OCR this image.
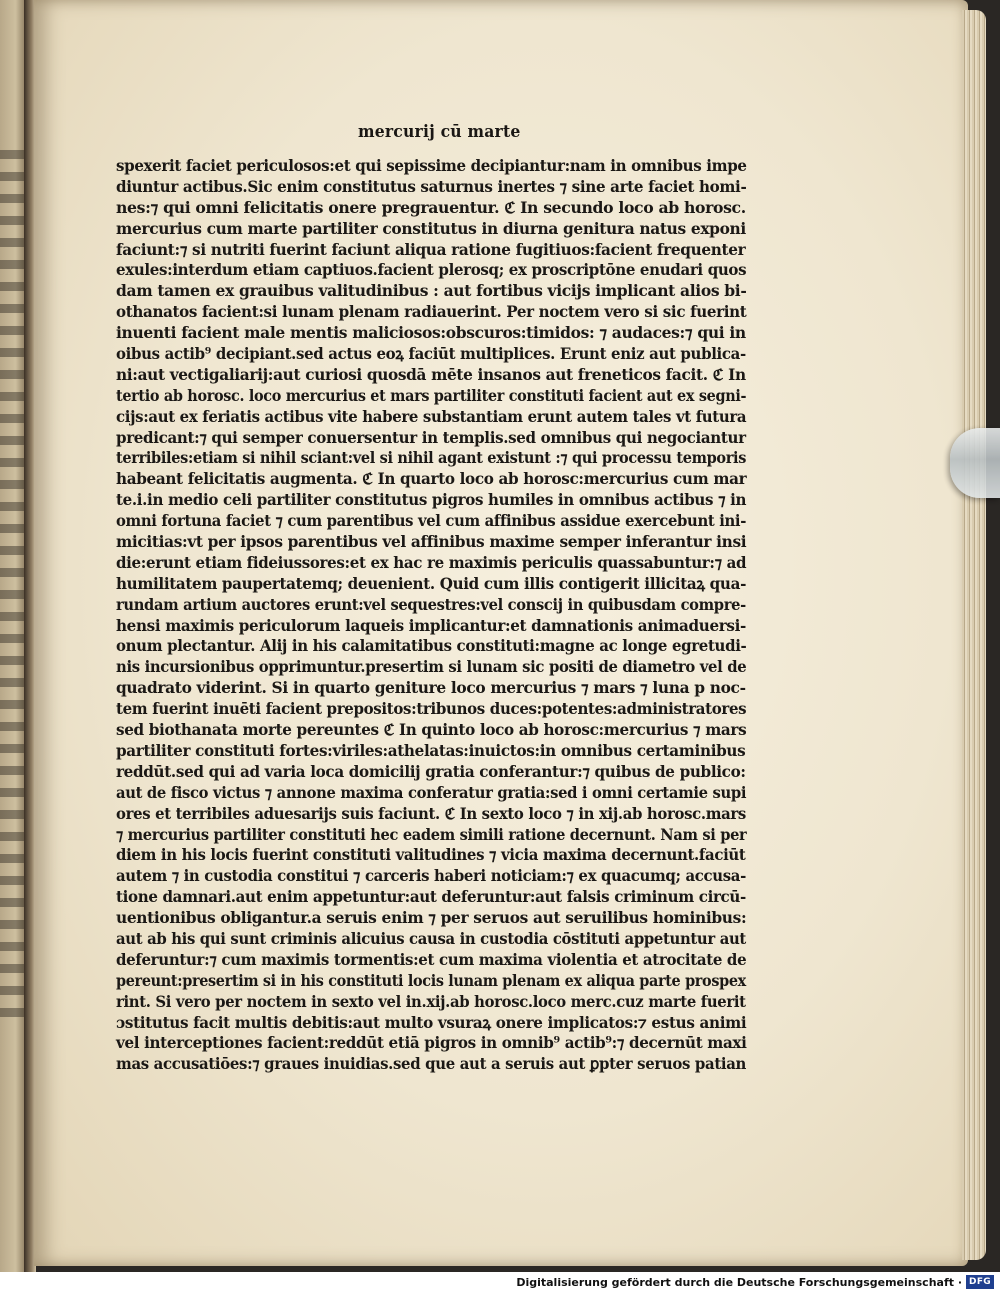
mercurij cū marte
spexerit faciet periculosos:et qui sepissime decipiantur:nam in omnibus impe
diuntur actibus.Sic enim constitutus saturnus inertes ⁊ sine arte faciet homi-
nes:⁊ qui omni felicitatis onere pregrauentur. ℭ In secundo loco ab horosc.
mercurius cum marte partiliter constitutus in diurna genitura natus exponi
faciunt:⁊ si nutriti fuerint faciunt aliqua ratione fugitiuos:facient frequenter
exules:interdum etiam captiuos.facient plerosq; ex proscriptōne enudari quos
dam tamen ex grauibus valitudinibus : aut fortibus vicijs implicant alios bi-
othanatos facient:si lunam plenam radiauerint. Per noctem vero si sic fuerint
inuenti facient male mentis maliciosos:obscuros:timidos: ⁊ audaces:⁊ qui in
oibus actib⁹ decipiant.sed actus eoꝝ faciūt multiplices. Erunt eniz aut publica-
ni:aut vectigaliarij:aut curiosi quosdā mēte insanos aut freneticos facit. ℭ In
tertio ab horosc. loco mercurius et mars partiliter constituti facient aut ex segni-
cijs:aut ex feriatis actibus vite habere substantiam erunt autem tales vt futura
predicant:⁊ qui semper conuersentur in templis.sed omnibus qui negociantur
terribiles:etiam si nihil sciant:vel si nihil agant existunt :⁊ qui processu temporis
habeant felicitatis augmenta. ℭ In quarto loco ab horosc:mercurius cum mar
te.i.in medio celi partiliter constitutus pigros humiles in omnibus actibus ⁊ in
omni fortuna faciet ⁊ cum parentibus vel cum affinibus assidue exercebunt ini-
micitias:vt per ipsos parentibus vel affinibus maxime semper inferantur insi
die:erunt etiam fideiussores:et ex hac re maximis periculis quassabuntur:⁊ ad
humilitatem paupertatemq; deuenient. Quid cum illis contigerit illicitaꝝ qua-
rundam artium auctores erunt:vel sequestres:vel conscij in quibusdam compre-
hensi maximis periculorum laqueis implicantur:et damnationis animaduersi-
onum plectantur. Alij in his calamitatibus constituti:magne ac longe egretudi-
nis incursionibus opprimuntur.presertim si lunam sic positi de diametro vel de
quadrato viderint. Si in quarto geniture loco mercurius ⁊ mars ⁊ luna p noc-
tem fuerint inuēti facient prepositos:tribunos duces:potentes:administratores
sed biothanata morte pereuntes ℭ In quinto loco ab horosc:mercurius ⁊ mars
partiliter constituti fortes:viriles:athelatas:inuictos:in omnibus certaminibus
reddūt.sed qui ad varia loca domicilij gratia conferantur:⁊ quibus de publico:
aut de fisco victus ⁊ annone maxima conferatur gratia:sed i omni certamie supi
ores et terribiles aduesarijs suis faciunt. ℭ In sexto loco ⁊ in xij.ab horosc.mars
⁊ mercurius partiliter constituti hec eadem simili ratione decernunt. Nam si per
diem in his locis fuerint constituti valitudines ⁊ vicia maxima decernunt.faciūt
autem ⁊ in custodia constitui ⁊ carceris haberi noticiam:⁊ ex quacumq; accusa-
tione damnari.aut enim appetuntur:aut deferuntur:aut falsis criminum circū-
uentionibus obligantur.a seruis enim ⁊ per seruos aut seruilibus hominibus:
aut ab his qui sunt criminis alicuius causa in custodia cōstituti appetuntur aut
deferuntur:⁊ cum maximis tormentis:et cum maxima violentia et atrocitate de
pereunt:presertim si in his constituti locis lunam plenam ex aliqua parte prospex
rint. Si vero per noctem in sexto vel in.xij.ab horosc.loco merc.cuz marte fuerit
ɔstitutus facit multis debitis:aut multo vsuraꝝ onere implicatos:⁊ estus animi
vel interceptiones facient:reddūt etiā pigros in omnib⁹ actib⁹:⁊ decernūt maxi
mas accusatiōes:⁊ graues inuidias.sed que aut a seruis aut ꝑpter seruos patian
Digitalisierung gefördert durch die Deutsche Forschungsgemeinschaft · DFG
